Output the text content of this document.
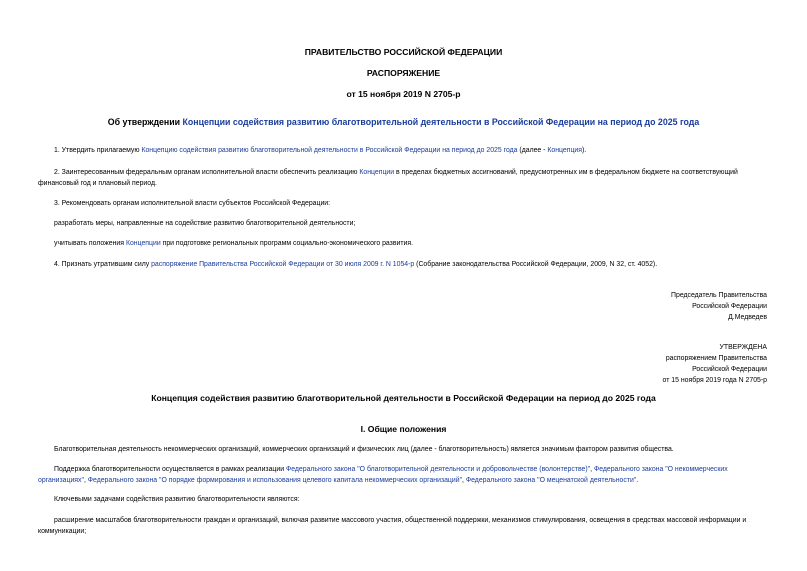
ПРАВИТЕЛЬСТВО РОССИЙСКОЙ ФЕДЕРАЦИИ
РАСПОРЯЖЕНИЕ
от 15 ноября 2019 N 2705-р
Об утверждении Концепции содействия развитию благотворительной деятельности в Российской Федерации на период до 2025 года
1. Утвердить прилагаемую Концепцию содействия развитию благотворительной деятельности в Российской Федерации на период до 2025 года (далее - Концепция).
2. Заинтересованным федеральным органам исполнительной власти обеспечить реализацию Концепции в пределах бюджетных ассигнований, предусмотренных им в федеральном бюджете на соответствующий финансовый год и плановый период.
3. Рекомендовать органам исполнительной власти субъектов Российской Федерации:
разработать меры, направленные на содействие развитию благотворительной деятельности;
учитывать положения Концепции при подготовке региональных программ социально-экономического развития.
4. Признать утратившим силу распоряжение Правительства Российской Федерации от 30 июля 2009 г. N 1054-р (Собрание законодательства Российской Федерации, 2009, N 32, ст. 4052).
Председатель Правительства
Российской Федерации
Д.Медведев
УТВЕРЖДЕНА
распоряжением Правительства
Российской Федерации
от 15 ноября 2019 года N 2705-р
Концепция содействия развитию благотворительной деятельности в Российской Федерации на период до 2025 года
I. Общие положения
Благотворительная деятельность некоммерческих организаций, коммерческих организаций и физических лиц (далее - благотворительность) является значимым фактором развития общества.
Поддержка благотворительности осуществляется в рамках реализации Федерального закона "О благотворительной деятельности и добровольчестве (волонтерстве)", Федерального закона "О некоммерческих организациях", Федерального закона "О порядке формирования и использования целевого капитала некоммерческих организаций", Федерального закона "О меценатской деятельности".
Ключевыми задачами содействия развитию благотворительности являются:
расширение масштабов благотворительности граждан и организаций, включая развитие массового участия, общественной поддержки, механизмов стимулирования, освещения в средствах массовой информации и коммуникации;
